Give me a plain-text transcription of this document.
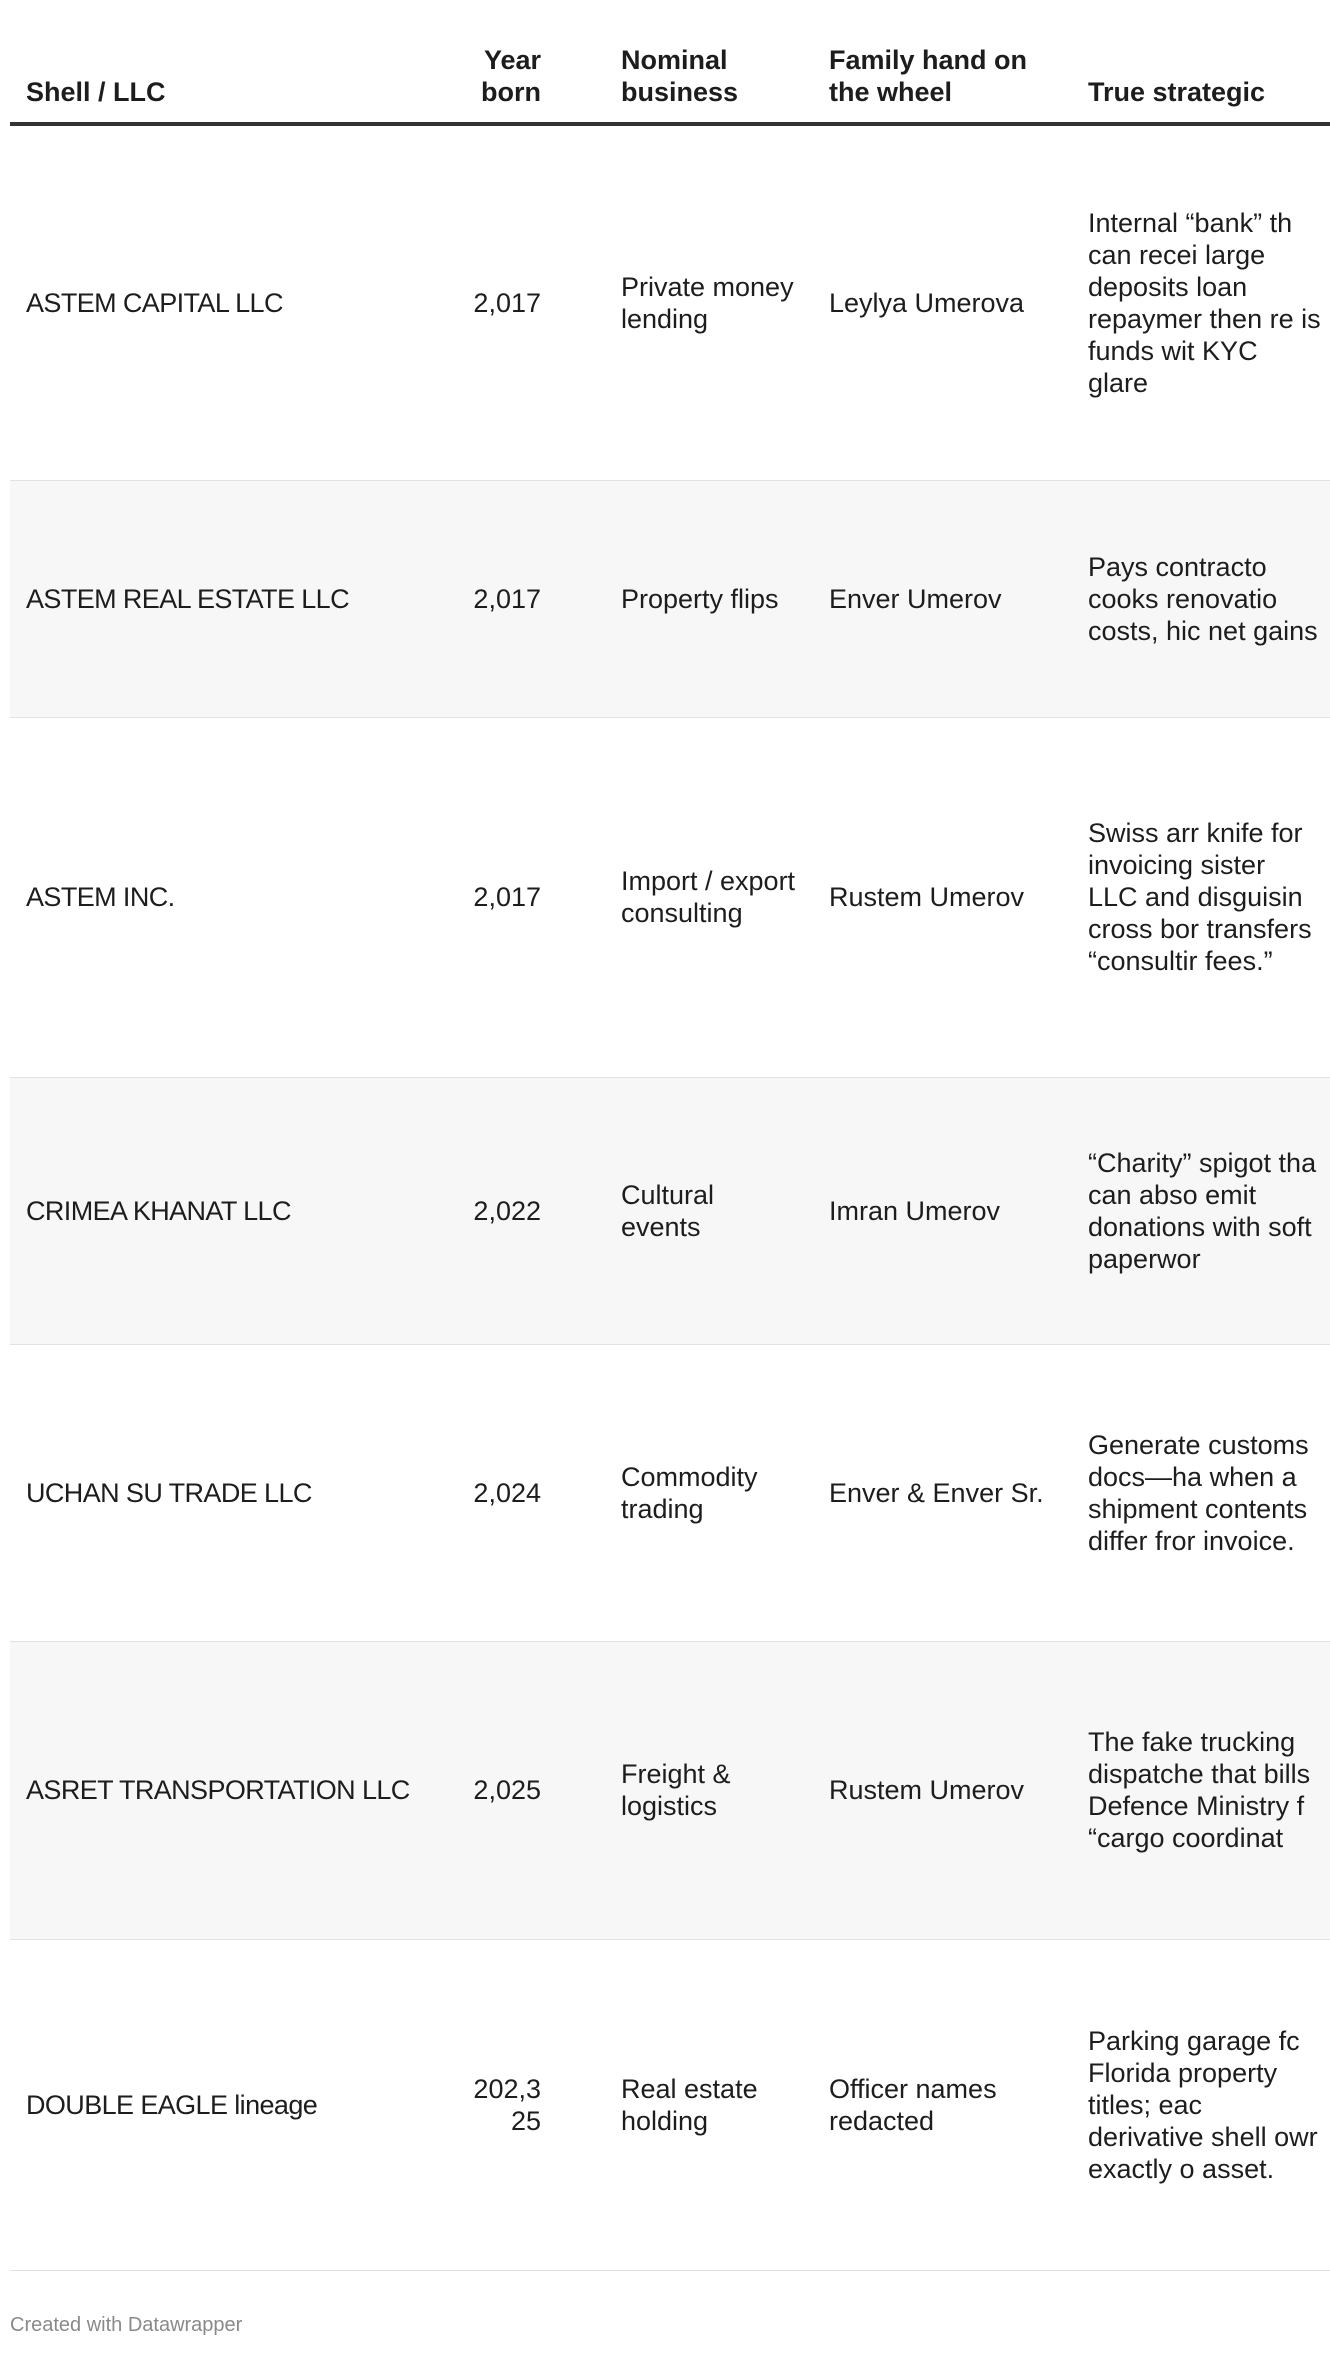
Shell / LLC	Year born	Nominal business	Family hand on the wheel	True strategic
ASTEM CAPITAL LLC	2,017	Private money lending	Leylya Umerova	Internal “bank” th can recei large deposits loan repaymer then re is funds wit KYC glare
ASTEM REAL ESTATE LLC	2,017	Property flips	Enver Umerov	Pays contracto cooks renovatio costs, hic net gains
ASTEM INC.	2,017	Import / export consulting	Rustem Umerov	Swiss arr knife for invoicing sister LLC and disguisin cross bor transfers “consultir fees.”
CRIMEA KHANAT LLC	2,022	Cultural events	Imran Umerov	“Charity” spigot tha can abso emit donations with soft paperwor
UCHAN SU TRADE LLC	2,024	Commodity trading	Enver & Enver Sr.	Generate customs docs—ha when a shipment contents differ fror invoice.
ASRET TRANSPORTATION LLC	2,025	Freight & logistics	Rustem Umerov	The fake trucking dispatche that bills Defence Ministry f “cargo coordinat
DOUBLE EAGLE lineage	202,325	Real estate holding	Officer names redacted	Parking garage fc Florida property titles; eac derivative shell owr exactly o asset.
Created with Datawrapper
